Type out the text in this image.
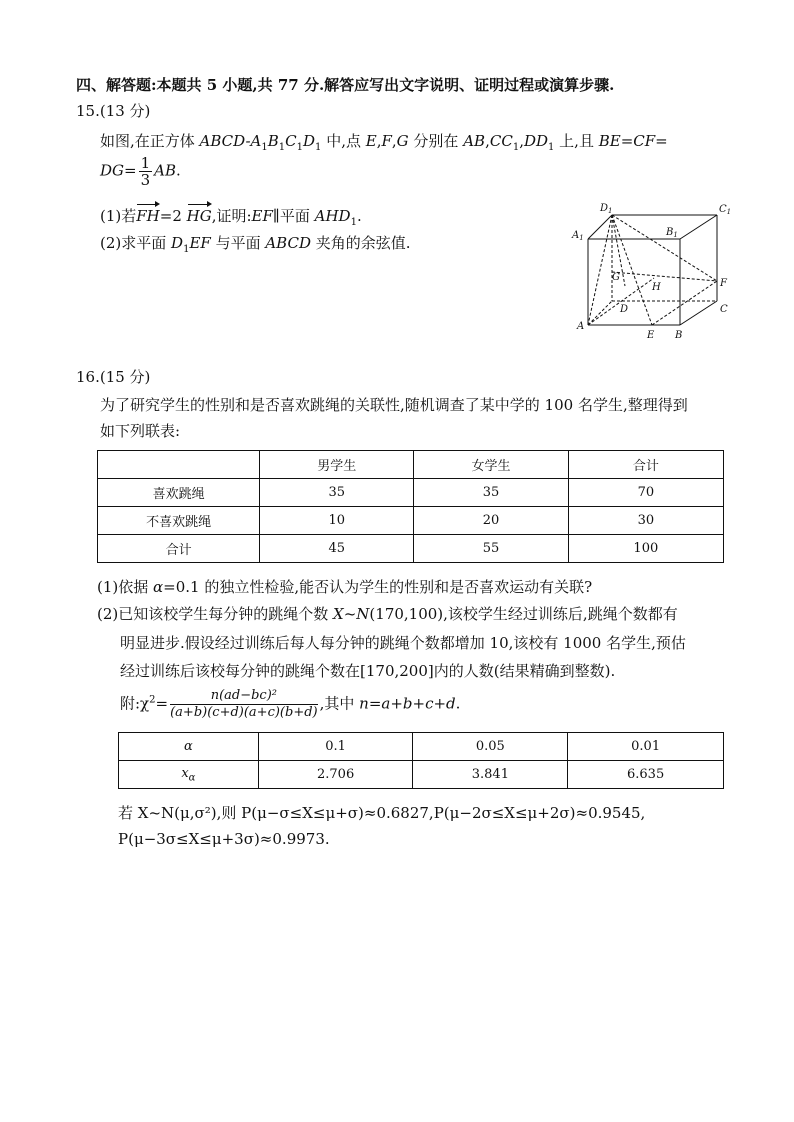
四、解答题:本题共 5 小题,共 77 分.解答应写出文字说明、证明过程或演算步骤.
15.(13 分)
如图,在正方体 ABCD-$A_1B_1C_1D_1$ 中,点 E,F,G 分别在 $AB,CC_1,DD_1$ 上,且 BE=CF=
$DG= \frac{1}{3}$ AB.
(1)若FH=2 HG,证明:EF∥平面 $AHD_1$.
(2)求平面 $D_1EF$ 与平面 ABCD 夹角的余弦值.
$D_1$	$C_1$
$A_1$	$B_1$
G
H	F
D	C
A
E B
16.(15 分)
为了研究学生的性别和是否喜欢跳绳的关联性,随机调查了某中学的 100 名学生,整理得到
如下列联表:
	男学生	女学生	合计
喜欢跳绳	35	35	70
不喜欢跳绳	10	20	30
合计	45	55	100
(1)依据 α=0.1 的独立性检验,能否认为学生的性别和是否喜欢运动有关联?
(2)已知该校学生每分钟的跳绳个数 X~N(170,100),该校学生经过训练后,跳绳个数都有
明显进步.假设经过训练后每人每分钟的跳绳个数都增加 10,该校有 1000 名学生,预估
经过训练后该校每分钟的跳绳个数在[170,200]内的人数(结果精确到整数).
附$:\chi^2= \frac{\text{n(ad−bc)²}}{(a+b)(c+d)(a+c)(b+d)}$ ,其中 n=a+b+c+d.
α	0.1	0.05	0.01
$x_\alpha$	2.706	3.841	6.635
若 X~N(μ,σ²),则 P(μ−σ≤X≤μ+σ)≈0.6827,P(μ−2σ≤X≤μ+2σ)≈0.9545,
P(μ−3σ≤X≤μ+3σ)≈0.9973.
